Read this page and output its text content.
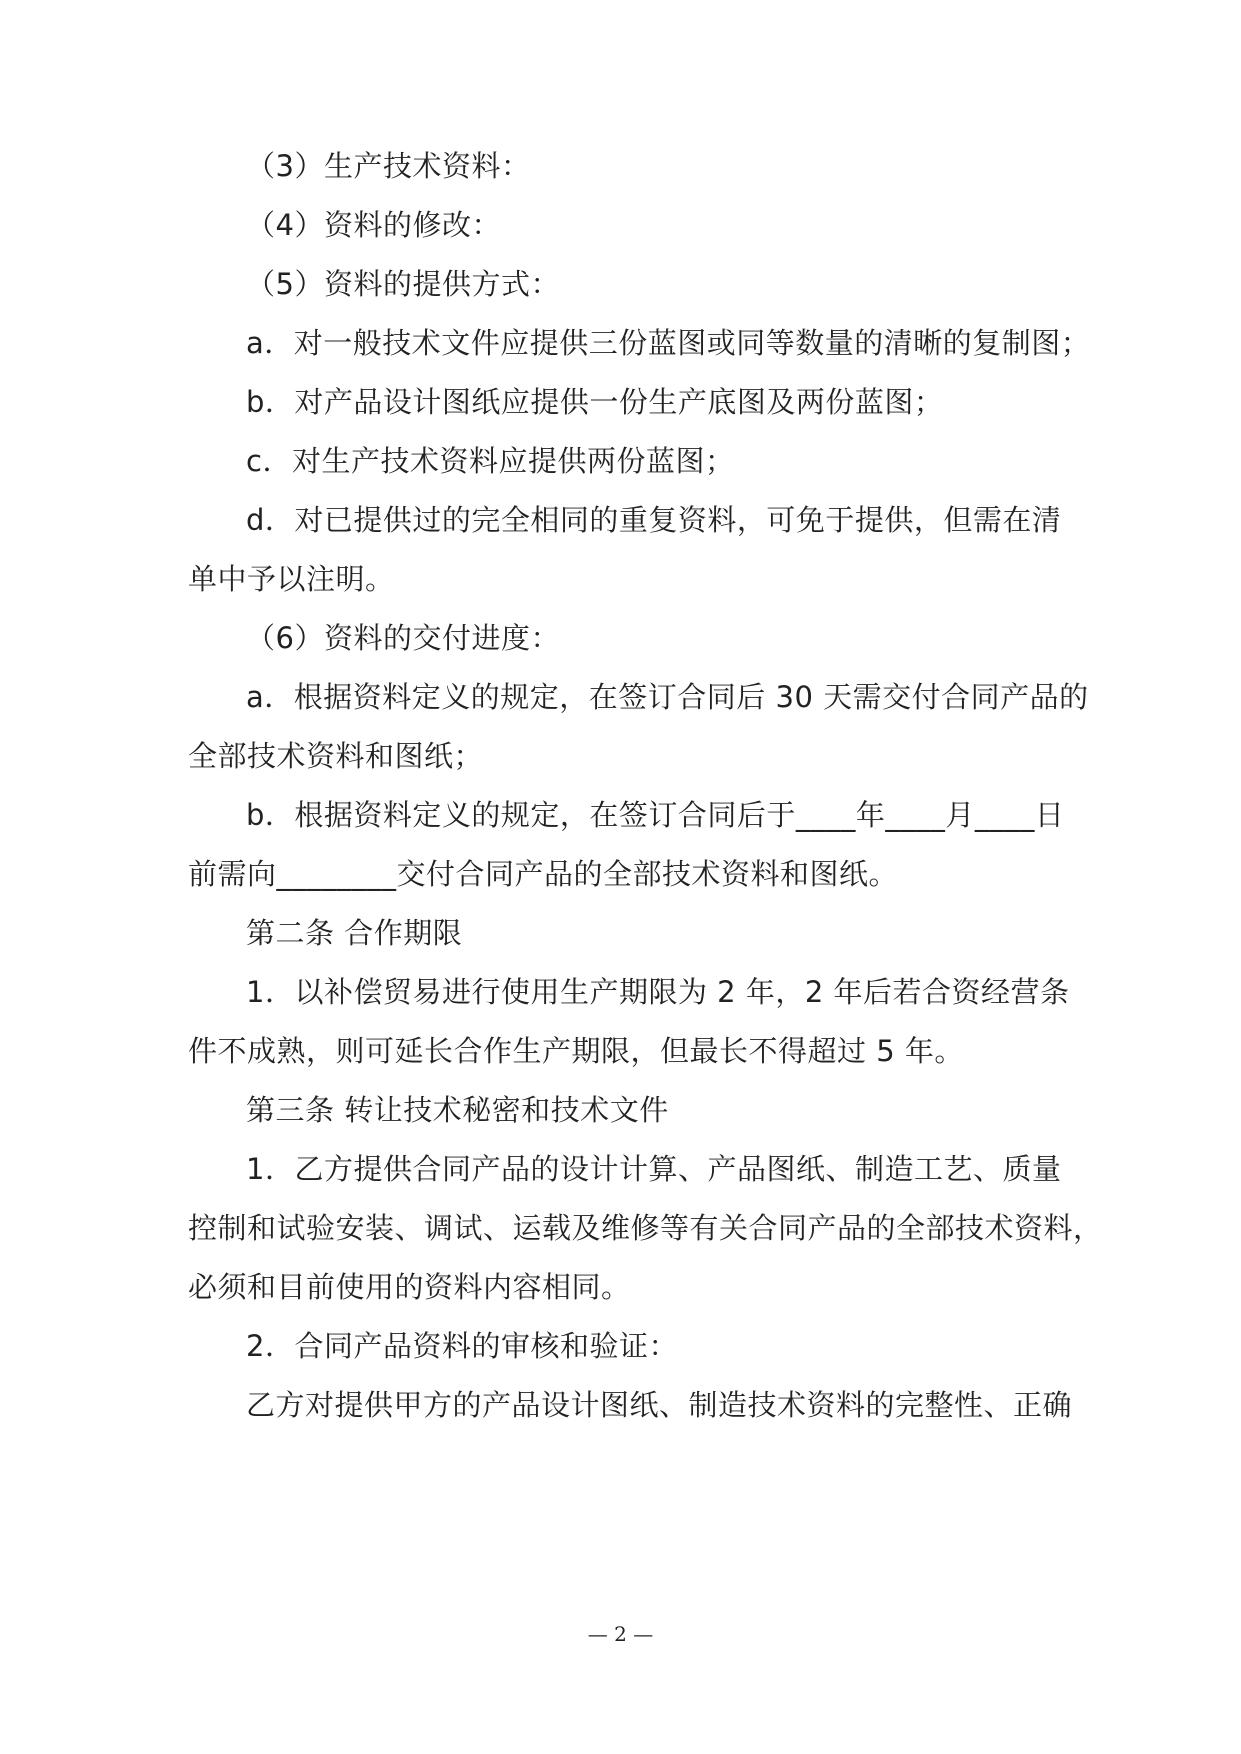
（3）生产技术资料：
（4）资料的修改：
（5）资料的提供方式：
a．对一般技术文件应提供三份蓝图或同等数量的清晰的复制图；
b．对产品设计图纸应提供一份生产底图及两份蓝图；
c．对生产技术资料应提供两份蓝图；
d．对已提供过的完全相同的重复资料，可免于提供，但需在清
单中予以注明。
（6）资料的交付进度：
a．根据资料定义的规定，在签订合同后 30 天需交付合同产品的
全部技术资料和图纸；
b．根据资料定义的规定，在签订合同后于____年____月____日
前需向________交付合同产品的全部技术资料和图纸。
第二条 合作期限
1．以补偿贸易进行使用生产期限为 2 年，2 年后若合资经营条
件不成熟，则可延长合作生产期限，但最长不得超过 5 年。
第三条 转让技术秘密和技术文件
1．乙方提供合同产品的设计计算、产品图纸、制造工艺、质量
控制和试验安装、调试、运载及维修等有关合同产品的全部技术资料，
必须和目前使用的资料内容相同。
2．合同产品资料的审核和验证：
乙方对提供甲方的产品设计图纸、制造技术资料的完整性、正确
— 2 —
